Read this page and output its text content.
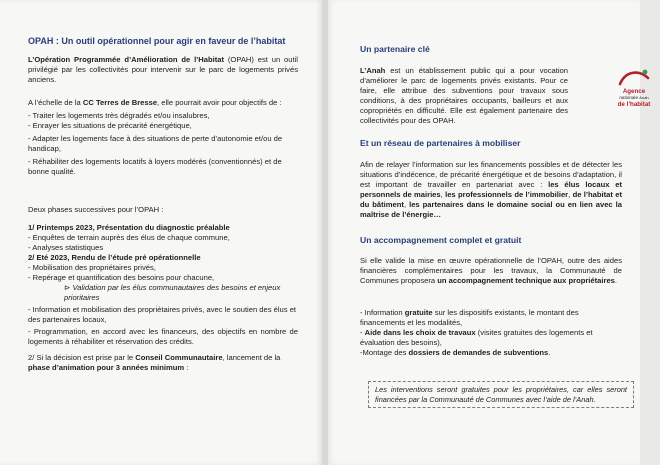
OPAH : Un outil opérationnel pour agir en faveur de l’habitat

L’Opération Programmée d’Amélioration de l’Habitat (OPAH) est un outil privilégié par les collectivités pour intervenir sur le parc de logements privés anciens.

A l’échelle de la CC Terres de Bresse, elle pourrait avoir pour objectifs de :

- Traiter les logements très dégradés et/ou insalubres,

- Enrayer les situations de précarité énergétique,

- Adapter les logements face à des situations de perte d’autonomie et/ou de handicap,

- Réhabiliter des logements locatifs à loyers modérés (conventionnés) et de bonne qualité.

Deux phases successives pour l’OPAH :

1/ Printemps 2023, Présentation du diagnostic préalable

- Enquêtes de terrain auprès des élus de chaque commune,

- Analyses statistiques

2/ Eté 2023, Rendu de l’étude pré opérationnelle

- Mobilisation des propriétaires privés,

- Repérage et quantification des besoins pour chacune,

⊳ Validation par les élus communautaires des besoins et enjeux prioritaires

- Information et mobilisation des propriétaires privés, avec le soutien des élus et des partenaires locaux,

- Programmation, en accord avec les financeurs, des objectifs en nombre de logements à réhabiliter et réservation des crédits.

2/ Si la décision est prise par le Conseil Communautaire, lancement de la phase d’animation pour 3 années minimum :

Un partenaire clé

L’Anah est un établissement public qui a pour vocation d’améliorer le parc de logements privés existants. Pour ce faire, elle attribue des subventions pour travaux sous conditions, à des propriétaires occupants, bailleurs et aux copropriétés en difficulté. Elle est également partenaire des collectivités pour des OPAH.

Agence
nationale Anah
de l’habitat
Et un réseau de partenaires à mobiliser

Afin de relayer l’information sur les financements possibles et de détecter les situations d’indécence, de précarité énergétique et de besoins d’adaptation, il est important de travailler en partenariat avec : les élus locaux et personnels de mairies, les professionnels de l’immobilier, de l’habitat et du bâtiment, les partenaires dans le domaine social ou en lien avec la maîtrise de l’énergie…

Un accompagnement complet et gratuit

Si elle valide la mise en œuvre opérationnelle de l’OPAH, outre des aides financières complémentaires pour les travaux, la Communauté de Communes proposera un accompagnement technique aux propriétaires.

- Information gratuite sur les dispositifs existants, le montant des financements et les modalités,

- Aide dans les choix de travaux (visites gratuites des logements et évaluation des besoins),

-Montage des dossiers de demandes de subventions.

Les interventions seront gratuites pour les propriétaires, car elles seront financées par la Communauté de Communes avec l’aide de l’Anah.
